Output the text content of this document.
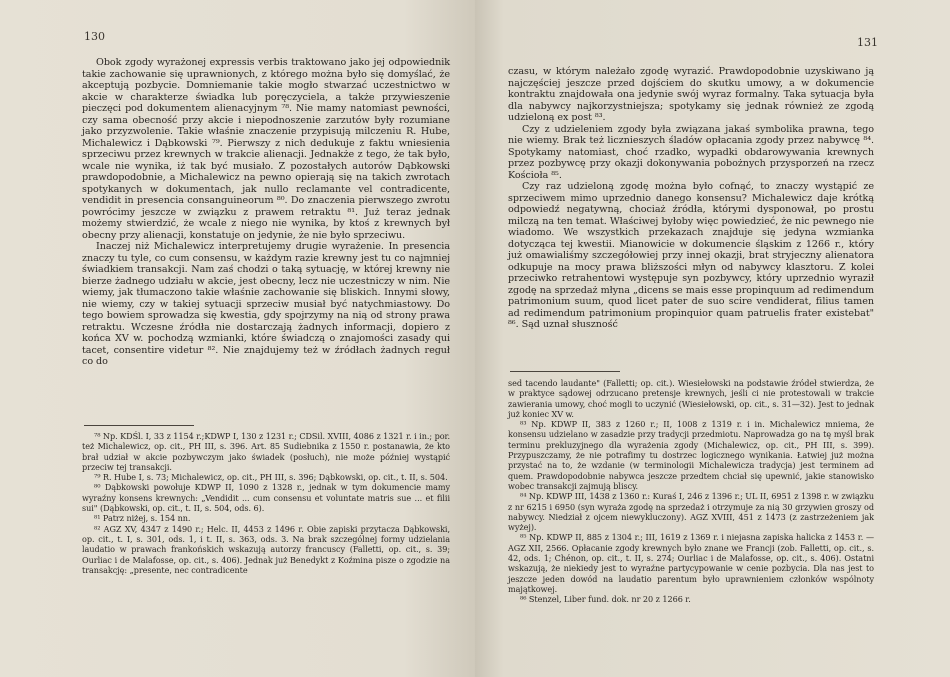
130

Obok zgody wyrażonej expressis verbis traktowano jako jej odpowiednik takie zachowanie się uprawnionych, z którego można było się domyślać, że akceptują pozbycie. Domniemanie takie mogło stwarzać uczestnictwo w akcie w charakterze świadka lub poręczyciela, a także przywieszenie pieczęci pod dokumentem alienacyjnym ⁷⁸. Nie mamy natomiast pewności, czy sama obecność przy akcie i niepodnoszenie zarzutów były rozumiane jako przyzwolenie. Takie właśnie znaczenie przypisują milczeniu R. Hube, Michalewicz i Dąbkowski ⁷⁹. Pierwszy z nich dedukuje z faktu wniesienia sprzeciwu przez krewnych w trakcie alienacji. Jednakże z tego, że tak było, wcale nie wynika, iż tak być musiało. Z pozostałych autorów Dąbkowski prawdopodobnie, a Michalewicz na pewno opierają się na takich zwrotach spotykanych w dokumentach, jak nullo reclamante vel contradicente, vendidit in presencia consanguineorum ⁸⁰. Do znaczenia pierwszego zwrotu powrócimy jeszcze w związku z prawem retraktu ⁸¹. Już teraz jednak możemy stwierdzić, że wcale z niego nie wynika, by ktoś z krewnych był obecny przy alienacji, konstatuje on jedynie, że nie było sprzeciwu.

Inaczej niż Michalewicz interpretujemy drugie wyrażenie. In presencia znaczy tu tyle, co cum consensu, w każdym razie krewny jest tu co najmniej świadkiem transakcji. Nam zaś chodzi o taką sytuację, w której krewny nie bierze żadnego udziału w akcie, jest obecny, lecz nie uczestniczy w nim. Nie wiemy, jak tłumaczono takie właśnie zachowanie się bliskich. Innymi słowy, nie wiemy, czy w takiej sytuacji sprzeciw musiał być natychmiastowy. Do tego bowiem sprowadza się kwestia, gdy spojrzymy na nią od strony prawa retraktu. Wczesne źródła nie dostarczają żadnych informacji, dopiero z końca XV w. pochodzą wzmianki, które świadczą o znajomości zasady qui tacet, consentire videtur ⁸². Nie znajdujemy też w źródłach żadnych reguł co do

⁷⁸ Np. KDŚl. I, 33 z 1154 r.;KDWP I, 130 z 1231 r.; CDSil. XVIII, 4086 z 1321 r. i in.; por. też Michalewicz, op. cit., PH III, s. 396. Art. 85 Sudiebnika z 1550 r. postanawia, że kto brał udział w akcie pozbywczym jako świadek (posłuch), nie może później wystąpić przeciw tej transakcji.

⁷⁹ R. Hube I, s. 73; Michalewicz, op. cit., PH III, s. 396; Dąbkowski, op. cit., t. II, s. 504.

⁸⁰ Dąbkowski powołuje KDWP II, 1090 z 1328 r., jednak w tym dokumencie mamy wyraźny konsens krewnych: „Vendidit ... cum consensu et voluntate matris sue ... et filii sui" (Dąbkowski, op. cit., t. II, s. 504, ods. 6).

⁸¹ Patrz niżej, s. 154 nn.

⁸² AGZ XV, 4347 z 1490 r.; Helc. II, 4453 z 1496 r. Obie zapiski przytacza Dąbkowski, op. cit., t. I, s. 301, ods. 1, i t. II, s. 363, ods. 3. Na brak szczególnej formy udzielania laudatio w prawach frankońskich wskazują autorzy francuscy (Falletti, op. cit., s. 39; Ourliac i de Malafosse, op. cit., s. 406). Jednak już Benedykt z Koźmina pisze o zgodzie na transakcję: „presente, nec contradicente

131

czasu, w którym należało zgodę wyrazić. Prawdopodobnie uzyskiwano ją najczęściej jeszcze przed dojściem do skutku umowy, a w dokumencie kontraktu znajdowała ona jedynie swój wyraz formalny. Taka sytuacja była dla nabywcy najkorzystniejsza; spotykamy się jednak również ze zgodą udzieloną ex post ⁸³.

Czy z udzieleniem zgody była związana jakaś symbolika prawna, tego nie wiemy. Brak też licznieszych śladów opłacania zgody przez nabywcę ⁸⁴. Spotykamy natomiast, choć rzadko, wypadki obdarowywania krewnych przez pozbywcę przy okazji dokonywania pobożnych przysporzeń na rzecz Kościoła ⁸⁵.

Czy raz udzieloną zgodę można było cofnąć, to znaczy wystąpić ze sprzeciwem mimo uprzednio danego konsensu? Michalewicz daje krótką odpowiedź negatywną, chociaż źródła, którymi dysponował, po prostu milczą na ten temat. Właściwej byłoby więc powiedzieć, że nic pewnego nie wiadomo. We wszystkich przekazach znajduje się jedyna wzmianka dotycząca tej kwestii. Mianowicie w dokumencie śląskim z 1266 r., który już omawialiśmy szczegółowiej przy innej okazji, brat stryjeczny alienatora odkupuje na mocy prawa bliższości młyn od nabywcy klasztoru. Z kolei przeciwko retrahentowi występuje syn pozbywcy, który uprzednio wyraził zgodę na sprzedaż młyna „dicens se mais esse propinquum ad redimendum patrimonium suum, quod licet pater de suo scire vendiderat, filius tamen ad redimendum patrimonium propinquior quam patruelis frater existebat" ⁸⁶. Sąd uznał słuszność

sed tacendo laudante" (Falletti; op. cit.). Wiesiełowski na podstawie źródeł stwierdza, że w praktyce sądowej odrzucano pretensje krewnych, jeśli ci nie protestowali w trakcie zawierania umowy, choć mogli to uczynić (Wiesiełowski, op. cit., s. 31—32). Jest to jednak już koniec XV w.

⁸³ Np. KDWP II, 383 z 1260 r.; II, 1008 z 1319 r. i in. Michalewicz mniema, że konsensu udzielano w zasadzie przy tradycji przedmiotu. Naprowadza go na tę myśl brak terminu prekluzyjnego dla wyrażenia zgody (Michalewicz, op. cit., PH III, s. 399). Przypuszczamy, że nie potrafimy tu dostrzec logicznego wynikania. Łatwiej już można przystać na to, że wzdanie (w terminologii Michalewicza tradycja) jest terminem ad quem. Prawdopodobnie nabywca jeszcze przedtem chciał się upewnić, jakie stanowisko wobec transakcji zajmują bliscy.

⁸⁴ Np. KDWP III, 1438 z 1360 r.: Kuraś I, 246 z 1396 r.; UL II, 6951 z 1398 r. w związku z nr 6215 i 6950 (syn wyraża zgodę na sprzedaż i otrzymuje za nią 30 grzywien groszy od nabywcy. Niedział z ojcem niewykluczony). AGZ XVIII, 451 z 1473 (z zastrzeżeniem jak wyżej).

⁸⁵ Np. KDWP II, 885 z 1304 r.; III, 1619 z 1369 r. i niejasna zapiska halicka z 1453 r. — AGZ XII, 2566. Opłacanie zgody krewnych było znane we Francji (zob. Falletti, op. cit., s. 42, ods. 1; Chénon, op. cit., t. II, s. 274; Ourliac i de Malafosse, op. cit., s. 406). Ostatni wskazują, że niekiedy jest to wyraźne partycypowanie w cenie pozbycia. Dla nas jest to jeszcze jeden dowód na laudatio parentum było uprawnieniem członków wspólnoty majątkowej.

⁸⁶ Stenzel, Liber fund. dok. nr 20 z 1266 r.
